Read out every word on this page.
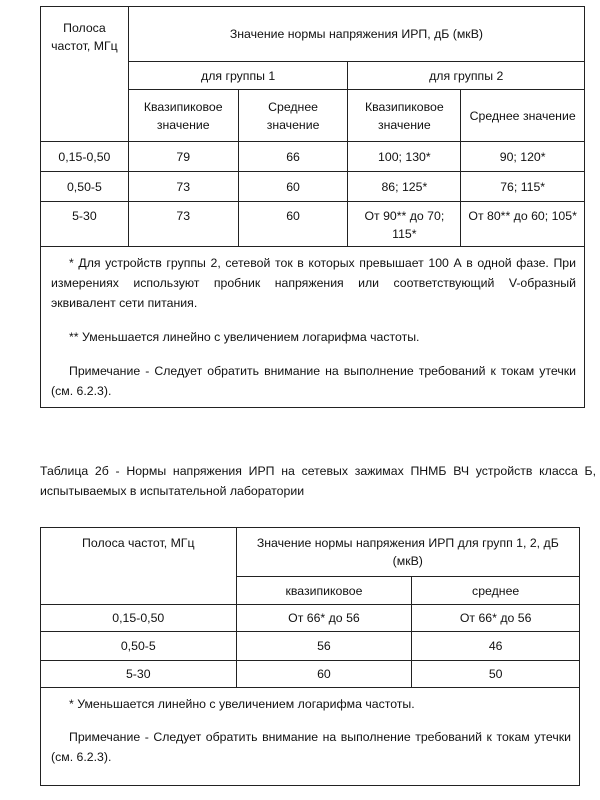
Полоса частот, МГц	Значение нормы напряжения ИРП, дБ (мкВ)			
	для группы 1		для группы 2	
	Квазипиковое значение	Среднее значение	Квазипиковое значение	Среднее значение
0,15-0,50	79	66	100; 130*	90; 120*
0,50-5	73	60	86; 125*	76; 115*
5-30	73	60	От 90** до 70; 115*	От 80** до 60; 105*

* Для устройств группы 2, сетевой ток в которых превышает 100 А в одной фазе. При измерениях используют пробник напряжения или соответствующий V-образный эквивалент сети питания.

** Уменьшается линейно с увеличением логарифма частоты.

Примечание - Следует обратить внимание на выполнение требований к токам утечки (см. 6.2.3).				

Таблица 2б - Нормы напряжения ИРП на сетевых зажимах ПНМБ ВЧ устройств класса Б, испытываемых в испытательной лаборатории
Полоса частот, МГц	Значение нормы напряжения ИРП для групп 1, 2, дБ (мкВ)	
	квазипиковое	среднее
0,15-0,50	От 66* до 56	От 66* до 56
0,50-5	56	46
5-30	60	50

* Уменьшается линейно с увеличением логарифма частоты.

Примечание - Следует обратить внимание на выполнение требований к токам утечки (см. 6.2.3).		
